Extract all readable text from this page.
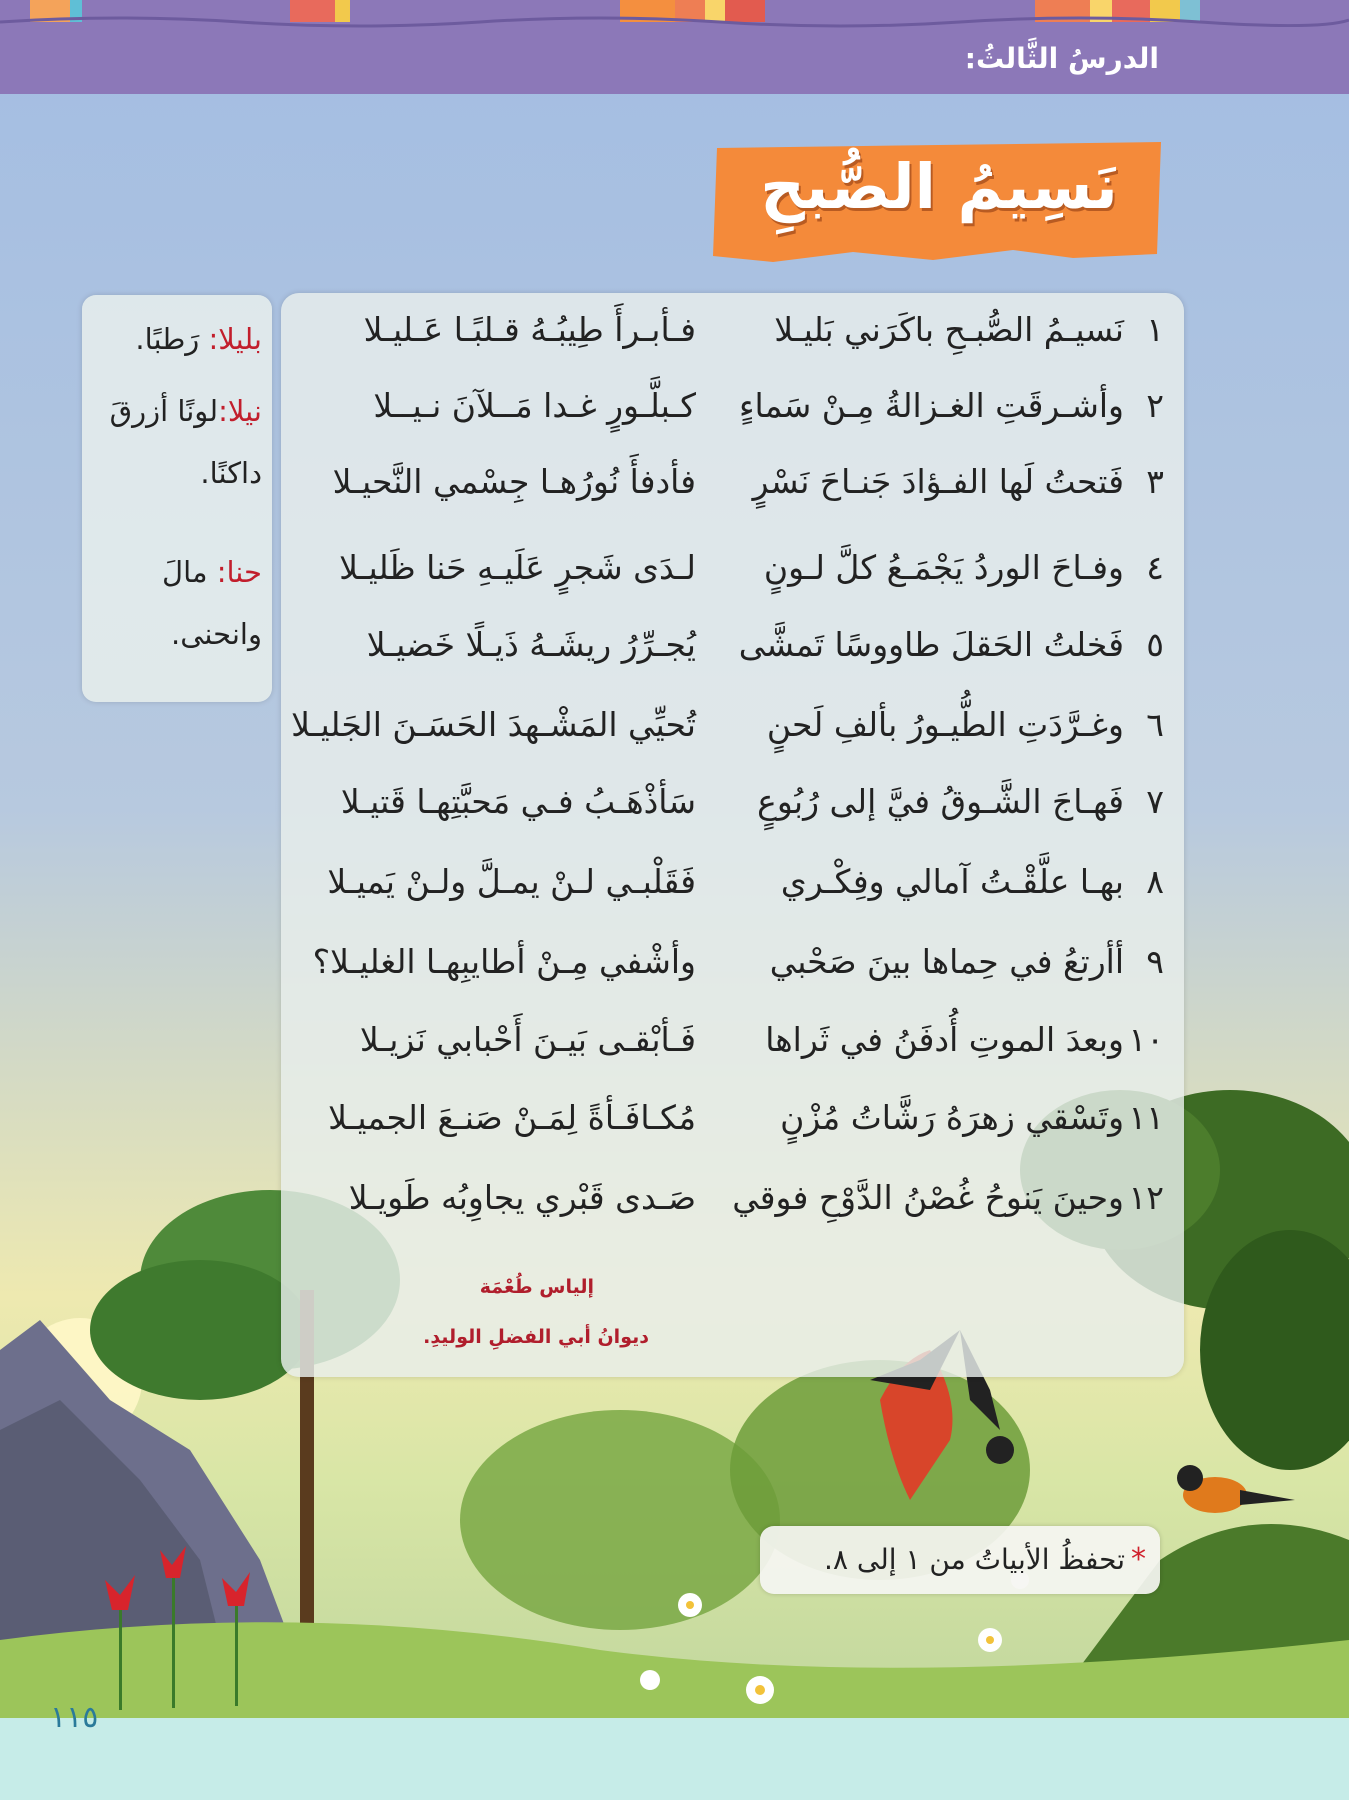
الدرسُ الثَّالثُ:
نَسِيمُ الصُّبحِ
بليلا: رَطبًا.
نيلا:لونًا أزرقَ داكنًا.
حنا: مالَ وانحنى.
١
نَسيـمُ الصُّبـحِ باكَرَني بَليـلا
فـأبـرأَ طِيبُـهُ قـلبًـا عَـليـلا
٢
وأشـرقَتِ الغـزالةُ مِـنْ سَماءٍ
كـبلَّـورٍ غـدا مَــلآنَ نـيــلا
٣
فَتحتُ لَها الفـؤادَ جَنـاحَ نَسْرٍ
فأدفأَ نُورُهـا جِسْمي النَّحيـلا
٤
وفـاحَ الوردُ يَجْمَـعُ كلَّ لـونٍ
لـدَى شَجرٍ عَلَيـهِ حَنا ظَليـلا
٥
فَخلتُ الحَقلَ طاووسًا تَمشَّى
يُجـرِّرُ ريشَـهُ ذَيـلًا خَضيـلا
٦
وغـرَّدَتِ الطُّيـورُ بألفِ لَحنٍ
تُحيِّي المَشْـهدَ الحَسَـنَ الجَليـلا
٧
فَهـاجَ الشَّـوقُ فيَّ إلى رُبُوعٍ
سَأذْهَـبُ فـي مَحبَّتِهـا قَتيـلا
٨
بهـا علَّقْـتُ آمالي وفِكْـري
فَقَلْبـي لـنْ يمـلَّ ولـنْ يَميـلا
٩
أأرتعُ في حِماها بينَ صَحْبي
وأشْفي مِـنْ أطايبِهـا الغليـلا؟
١٠
وبعدَ الموتِ أُدفَنُ في ثَراها
فَـأبْقـى بَيـنَ أَحْبابي نَزيـلا
١١
وتَسْقي زهرَهُ رَشَّاتُ مُزْنٍ
مُكـافَـأةً لِمَـنْ صَنـعَ الجميـلا
١٢
وحينَ يَنوحُ غُصْنُ الدَّوْحِ فوقي
صَـدى قَبْري يجاوِبُه طَويـلا
إلياس طُعْمَة
ديوانُ أبي الفضلِ الوليدِ.
*تحفظُ الأبياتُ من ١ إلى ٨.
١١٥
